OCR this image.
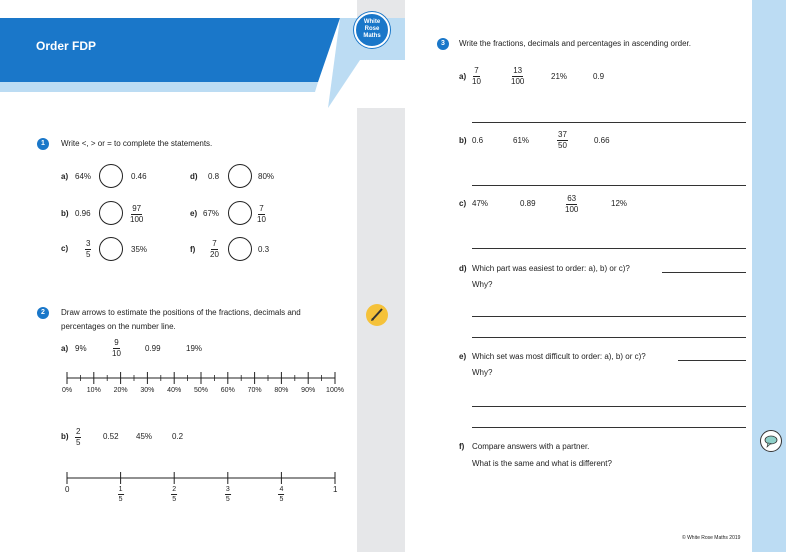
Order FDP
White
Rose
Maths
1	Write <, > or = to complete the statements.
a) 64%	0.46
b) 0.96	$\frac{97}{100}$
$c) \frac{3}{5}$	35%
d) 0.8	80%
e) 67%	$\frac{7}{10}$
$f) \frac{7}{20}$	0.3
2	Draw arrows to estimate the positions of the fractions, decimals and
percentages on the number line.
a) 9%	$\frac{9}{10}$	0.99	19%
0% 10% 20% 30% 40% 50% 60% 70% 80% 90% 100%
$b) \frac{2}{5}$	0.52 45% 0.2
0	1
$\frac{1}{5}$	$\frac{2}{5}$	$\frac{3}{5}$	$\frac{4}{5}$
3	Write the fractions, decimals and percentages in ascending order.
$a) \frac{7}{10}$	$\frac{13}{100}$	21%	0.9
b) 0.6	61%	$\frac{37}{50}$	0.66
c) 47%	0.89	$\frac{63}{100}$	12%
d) Which part was easiest to order: a), b) or c)?
Why?
e) Which set was most difficult to order: a), b) or c)?
Why?
f) Compare answers with a partner.
What is the same and what is different?
© White Rose Maths 2019
